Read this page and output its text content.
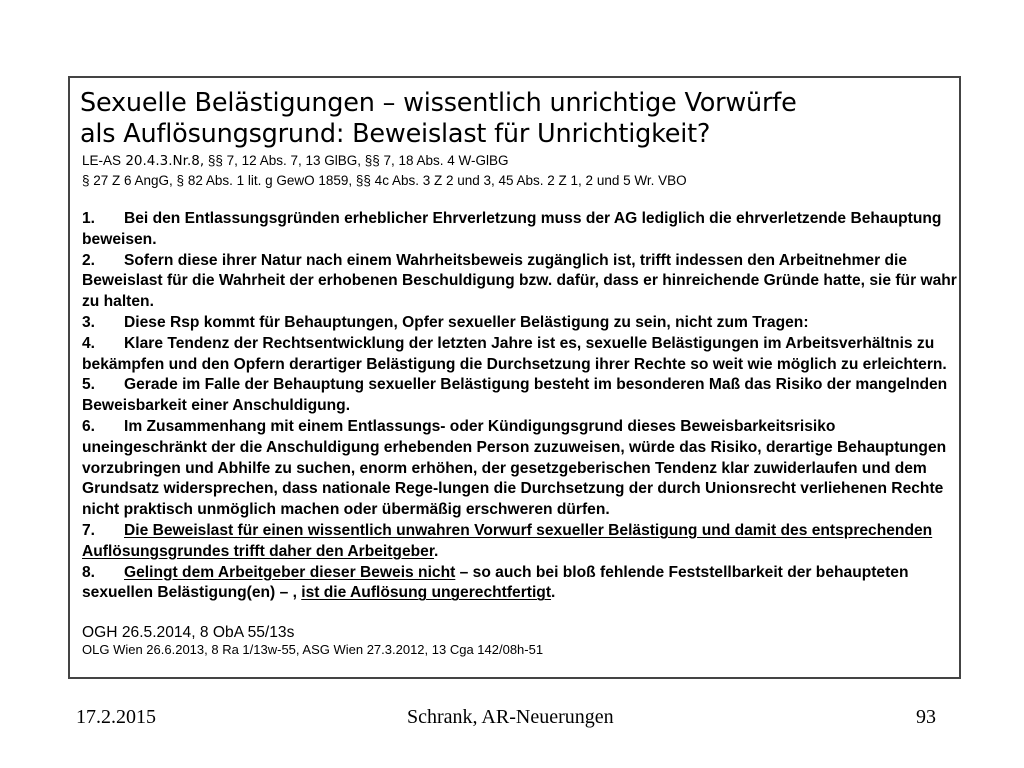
Sexuelle Belästigungen – wissentlich unrichtige Vorwürfe
als Auflösungsgrund: Beweislast für Unrichtigkeit?
LE-AS 20.4.3.Nr.8, §§ 7, 12 Abs. 7, 13 GlBG, §§ 7, 18 Abs. 4 W-GlBG
§ 27 Z 6 AngG, § 82 Abs. 1 lit. g GewO 1859, §§ 4c Abs. 3 Z 2 und 3, 45 Abs. 2 Z 1, 2 und 5 Wr. VBO
1. Bei den Entlassungsgründen erheblicher Ehrverletzung muss der AG lediglich die ehrverletzende Behauptung beweisen.
2. Sofern diese ihrer Natur nach einem Wahrheitsbeweis zugänglich ist, trifft indessen den Arbeitnehmer die Beweislast für die Wahrheit der erhobenen Beschuldigung bzw. dafür, dass er hinreichende Gründe hatte, sie für wahr zu halten.
3. Diese Rsp kommt für Behauptungen, Opfer sexueller Belästigung zu sein, nicht zum Tragen:
4. Klare Tendenz der Rechtsentwicklung der letzten Jahre ist es, sexuelle Belästigungen im Arbeitsverhältnis zu bekämpfen und den Opfern derartiger Belästigung die Durchsetzung ihrer Rechte so weit wie möglich zu erleichtern.
5. Gerade im Falle der Behauptung sexueller Belästigung besteht im besonderen Maß das Risiko der mangelnden Beweisbarkeit einer Anschuldigung.
6. Im Zusammenhang mit einem Entlassungs- oder Kündigungsgrund dieses Beweisbarkeitsrisiko uneingeschränkt der die Anschuldigung erhebenden Person zuzuweisen, würde das Risiko, derartige Behauptungen vorzubringen und Abhilfe zu suchen, enorm erhöhen, der gesetzgeberischen Tendenz klar zuwiderlaufen und dem Grundsatz widersprechen, dass nationale Rege-lungen die Durchsetzung der durch Unionsrecht verliehenen Rechte nicht praktisch unmöglich machen oder übermäßig erschweren dürfen.
7. Die Beweislast für einen wissentlich unwahren Vorwurf sexueller Belästigung und damit des entsprechenden Auflösungsgrundes trifft daher den Arbeitgeber.
8. Gelingt dem Arbeitgeber dieser Beweis nicht – so auch bei bloß fehlende Feststellbarkeit der behaupteten sexuellen Belästigung(en) – , ist die Auflösung ungerechtfertigt.
OGH 26.5.2014, 8 ObA 55/13s
OLG Wien 26.6.2013, 8 Ra 1/13w-55, ASG Wien 27.3.2012, 13 Cga 142/08h-51
17.2.2015	Schrank, AR-Neuerungen	93
